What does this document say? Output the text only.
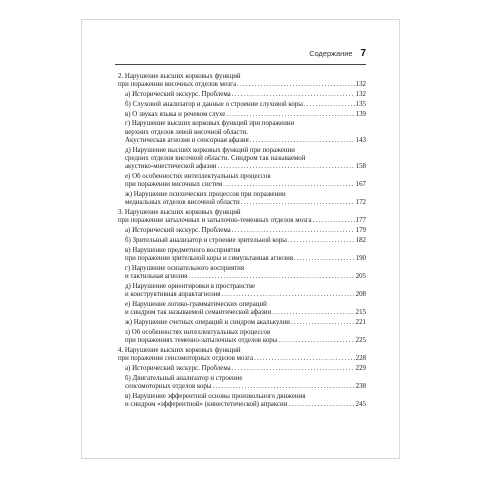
Содержание 7
2. Нарушение высших корковых функций
при поражении височных отделов мозга .....	132
а) Исторический экскурс. Проблема .....	132
б) Слуховой анализатор и данные о строении слуховой коры .....	135
в) О звуках языка и речевом слухе .....	139
г) Нарушение высших корковых функций при поражении
верхних отделов левой височной области.
Акустическая агнозия и сенсорная афазия .....	143
д) Нарушение высших корковых функций при поражении
средних отделов височной области. Синдром так называемой
акустико-мнестической афазии .....	158
е) Об особенностях интеллектуальных процессов
при поражении височных систем .....	167
ж) Нарушение психических процессов при поражении
медиальных отделов височной области .....	172
3. Нарушение высших корковых функций
при поражении затылочных и затылочно-теменных отделов мозга .....	177
а) Исторический экскурс. Проблема .....	179
б) Зрительный анализатор и строение зрительной коры .....	182
в) Нарушение предметного восприятия
при поражении зрительной коры и симультанная агнозия .....	190
г) Нарушение осязательного восприятия
и тактильная агнозия .....	205
д) Нарушение ориентировки в пространстве
и конструктивная апрактагнозия .....	208
е) Нарушение логико-грамматических операций
и синдром так называемой семантической афазии .....	215
ж) Нарушение счетных операций и синдром акалькулии .....	221
з) Об особенностях интеллектуальных процессов
при поражениях теменно-затылочных отделов коры .....	225
4. Нарушение высших корковых функций
при поражении сенсомоторных отделов мозга .....	228
а) Исторический экскурс. Проблема .....	229
б) Двигательный анализатор и строение
сенсомоторных отделов коры .....	238
в) Нарушение эфферентной основы произвольного движения
и синдром «эфферентной» (кинестетической) апраксии .....	245
